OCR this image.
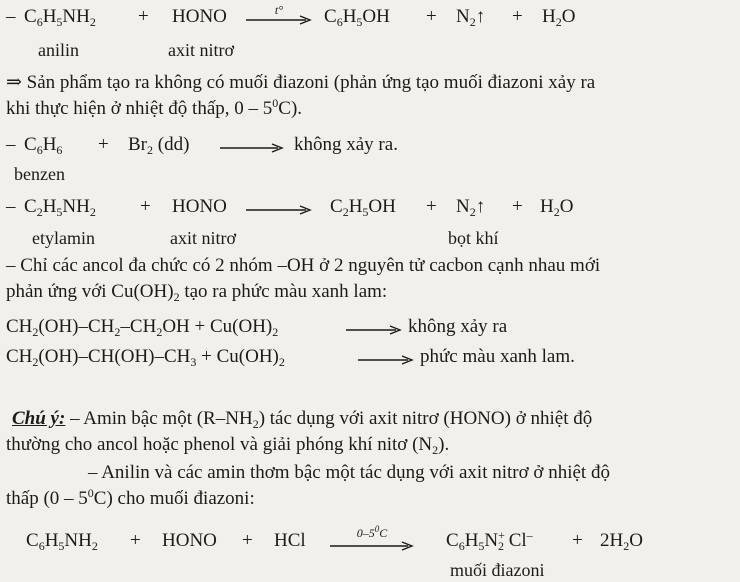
– $C_6H_5NH_2$ + HONO	t°	$C_6H_5OH$ + $N_2↑ + H_2O$
anilin	axit nitrơ
⇒ Sản phẩm tạo ra không có muối điazoni (phản ứng tạo muối điazoni xảy ra
khi thực hiện ở nhiệt độ thấp, $0 - 5^0C$).
– $C_6H_6 + Br_2$ (dd)	không xảy ra.
benzen
– $C_2H_5NH_2$ + HONO	$C_2H_5OH$ + $N_2↑ + H_2O$
etylamin	axit nitrơ	bọt khí
– Chỉ các ancol đa chức có 2 nhóm –OH ở 2 nguyên tử cacbon cạnh nhau mới
phản ứng với $Cu(OH)_2$ tạo ra phức màu xanh lam:
$CH_2(OH)-CH_2-CH_2OH + Cu(OH)_2$	không xảy ra
$CH_2(OH)-CH(OH)-CH_3 + Cu(OH)_2$	phức màu xanh lam.
Chú ý: – Amin bậc một $(R-NH_2)$ tác dụng với axit nitrơ (HONO) ở nhiệt độ
thường cho ancol hoặc phenol và giải phóng khí nitơ $(N_2)$.
– Anilin và các amin thơm bậc một tác dụng với axit nitrơ ở nhiệt độ
thấp $(0 - 5^0C)$ cho muối điazoni:
$C_6H_5NH_2$ + HONO + HCl	$0-5^0C$	$C_6H_5N^+_2$ $Cl^- + 2H_2O$
muối điazoni
